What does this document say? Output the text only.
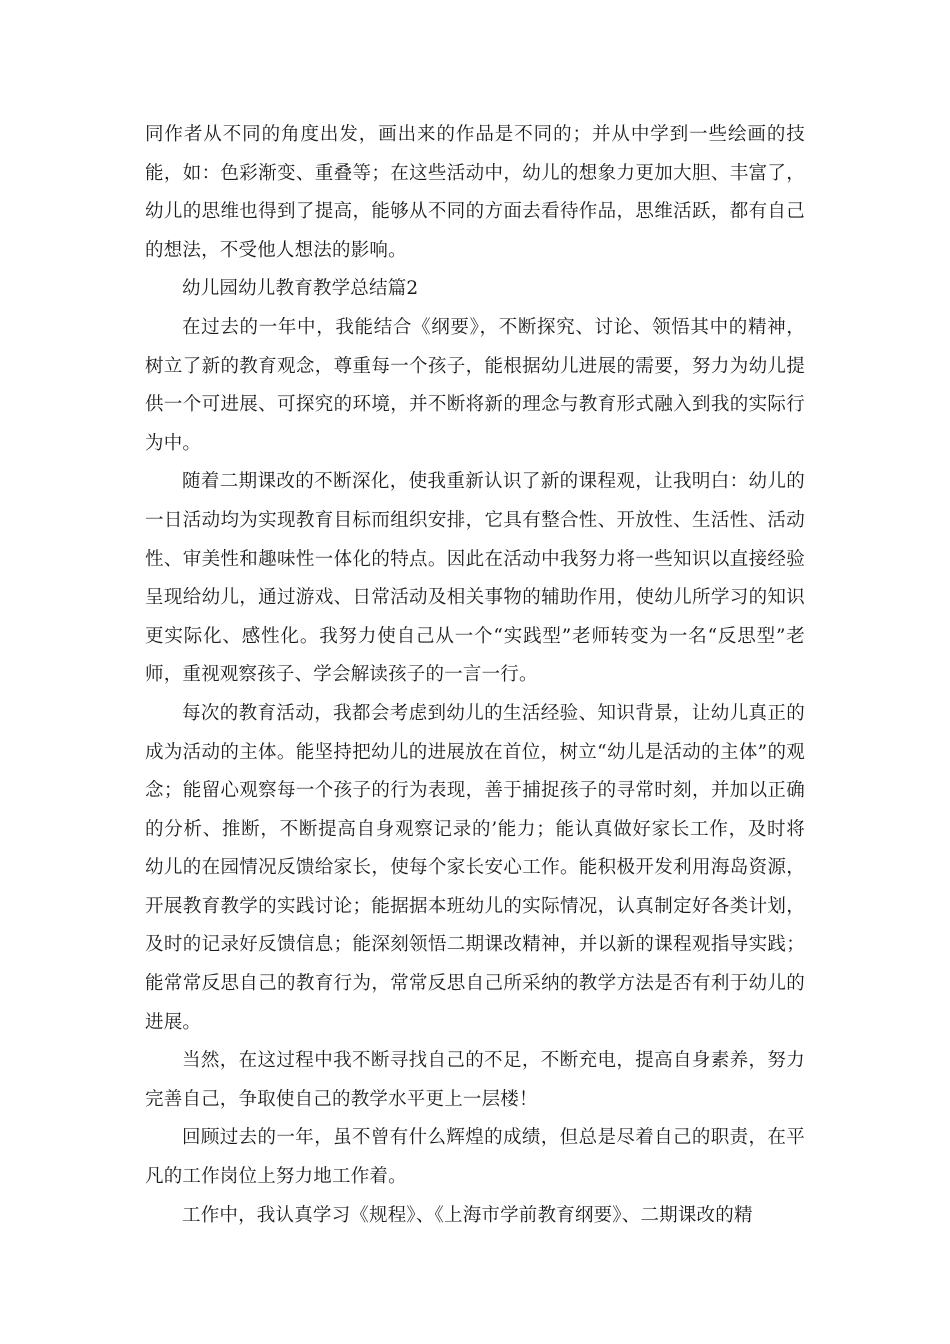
同作者从不同的角度出发，画出来的作品是不同的；并从中学到一些绘画的技能，如：色彩渐变、重叠等；在这些活动中，幼儿的想象力更加大胆、丰富了，幼儿的思维也得到了提高，能够从不同的方面去看待作品，思维活跃，都有自己的想法，不受他人想法的影响。

幼儿园幼儿教育教学总结篇2

在过去的一年中，我能结合《纲要》，不断探究、讨论、领悟其中的精神，树立了新的教育观念，尊重每一个孩子，能根据幼儿进展的需要，努力为幼儿提供一个可进展、可探究的环境，并不断将新的理念与教育形式融入到我的实际行为中。

随着二期课改的不断深化，使我重新认识了新的课程观，让我明白：幼儿的一日活动均为实现教育目标而组织安排，它具有整合性、开放性、生活性、活动性、审美性和趣味性一体化的特点。因此在活动中我努力将一些知识以直接经验呈现给幼儿，通过游戏、日常活动及相关事物的辅助作用，使幼儿所学习的知识更实际化、感性化。我努力使自己从一个“实践型”老师转变为一名“反思型”老师，重视观察孩子、学会解读孩子的一言一行。

每次的教育活动，我都会考虑到幼儿的生活经验、知识背景，让幼儿真正的成为活动的主体。能坚持把幼儿的进展放在首位，树立“幼儿是活动的主体”的观念；能留心观察每一个孩子的行为表现，善于捕捉孩子的寻常时刻，并加以正确的分析、推断，不断提高自身观察记录的’能力；能认真做好家长工作，及时将幼儿的在园情况反馈给家长，使每个家长安心工作。能积极开发利用海岛资源，开展教育教学的实践讨论；能据据本班幼儿的实际情况，认真制定好各类计划，及时的记录好反馈信息；能深刻领悟二期课改精神，并以新的课程观指导实践；能常常反思自己的教育行为，常常反思自己所采纳的教学方法是否有利于幼儿的进展。

当然，在这过程中我不断寻找自己的不足，不断充电，提高自身素养，努力完善自己，争取使自己的教学水平更上一层楼！

回顾过去的一年，虽不曾有什么辉煌的成绩，但总是尽着自己的职责，在平凡的工作岗位上努力地工作着。

工作中，我认真学习《规程》、《上海市学前教育纲要》、二期课改的精
